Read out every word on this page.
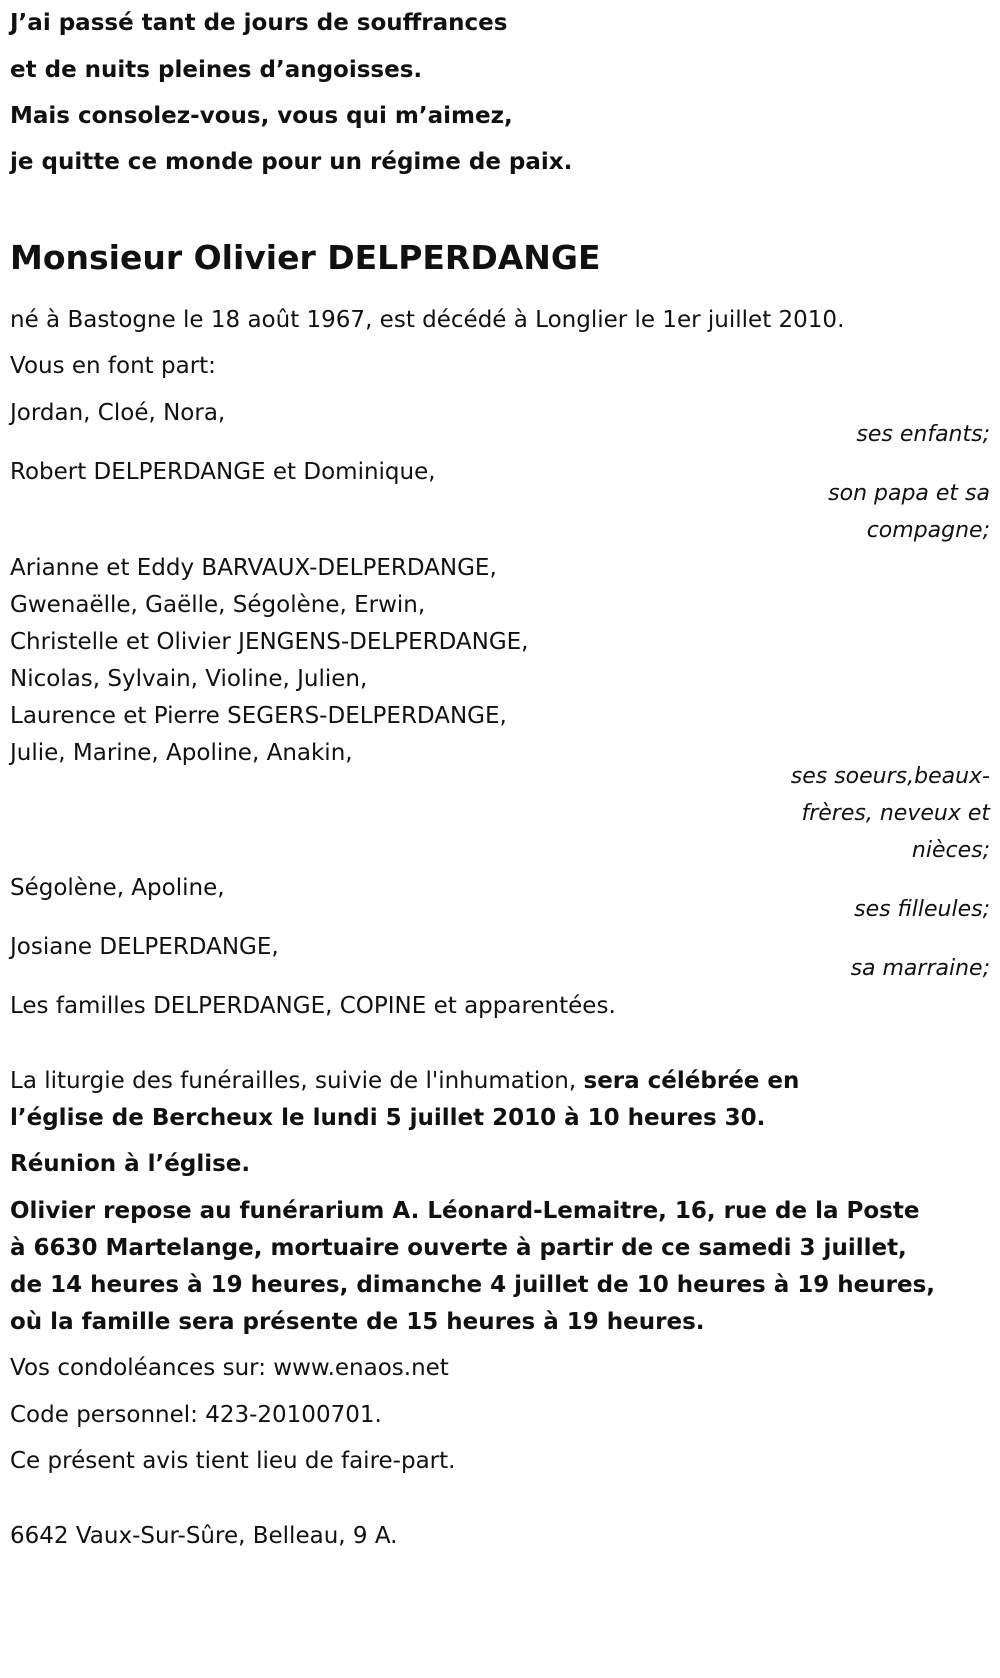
J’ai passé tant de jours de souffrances
et de nuits pleines d’angoisses.
Mais consolez-vous, vous qui m’aimez,
je quitte ce monde pour un régime de paix.
Monsieur Olivier DELPERDANGE
né à Bastogne le 18 août 1967, est décédé à Longlier le 1er juillet 2010.
Vous en font part:
Jordan, Cloé, Nora,
ses enfants;
Robert DELPERDANGE et Dominique,
son papa et sa
compagne;
Arianne et Eddy BARVAUX-DELPERDANGE,
Gwenaëlle, Gaëlle, Ségolène, Erwin,
Christelle et Olivier JENGENS-DELPERDANGE,
Nicolas, Sylvain, Violine, Julien,
Laurence et Pierre SEGERS-DELPERDANGE,
Julie, Marine, Apoline, Anakin,
ses soeurs,beaux-
frères, neveux et
nièces;
Ségolène, Apoline,
ses filleules;
Josiane DELPERDANGE,
sa marraine;
Les familles DELPERDANGE, COPINE et apparentées.
La liturgie des funérailles, suivie de l'inhumation, sera célébrée en
l’église de Bercheux le lundi 5 juillet 2010 à 10 heures 30.
Réunion à l’église.
Olivier repose au funérarium A. Léonard-Lemaitre, 16, rue de la Poste
à 6630 Martelange, mortuaire ouverte à partir de ce samedi 3 juillet,
de 14 heures à 19 heures, dimanche 4 juillet de 10 heures à 19 heures,
où la famille sera présente de 15 heures à 19 heures.
Vos condoléances sur: www.enaos.net
Code personnel: 423-20100701.
Ce présent avis tient lieu de faire-part.
6642 Vaux-Sur-Sûre, Belleau, 9 A.
